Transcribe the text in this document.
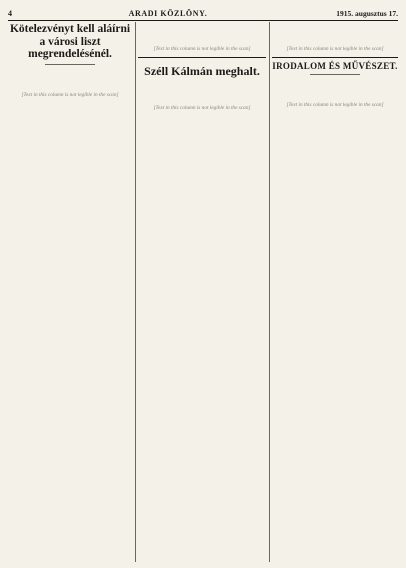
4	ARADI KÖZLÖNY.	1915. augusztus 17.
Kötelezvényt kell aláírni a városi liszt megrendelésénél.
[Text in this column is not legible in the scan]
[Text in this column is not legible in the scan]
Széll Kálmán meghalt.
[Text in this column is not legible in the scan]
[Text in this column is not legible in the scan]
IRODALOM ÉS MŰVÉSZET.
[Text in this column is not legible in the scan]
